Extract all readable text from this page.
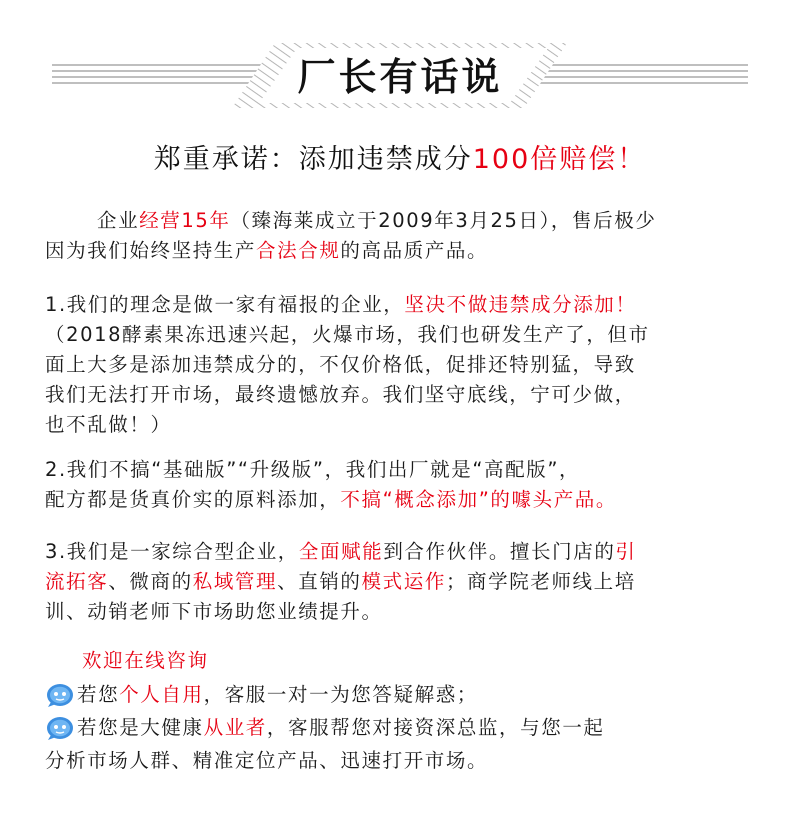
厂长有话说
郑重承诺：添加违禁成分100倍赔偿！
企业经营15年（臻海莱成立于2009年3月25日），售后极少
因为我们始终坚持生产合法合规的高品质产品。
1.我们的理念是做一家有福报的企业，坚决不做违禁成分添加！
（2018酵素果冻迅速兴起，火爆市场，我们也研发生产了，但市
面上大多是添加违禁成分的，不仅价格低，促排还特别猛，导致
我们无法打开市场，最终遗憾放弃。我们坚守底线，宁可少做，
也不乱做！）
2.我们不搞“基础版”“升级版”，我们出厂就是“高配版”，
配方都是货真价实的原料添加，不搞“概念添加”的噱头产品。
3.我们是一家综合型企业，全面赋能到合作伙伴。擅长门店的引
流拓客、微商的私域管理、直销的模式运作；商学院老师线上培
训、动销老师下市场助您业绩提升。
欢迎在线咨询
若您个人自用，客服一对一为您答疑解惑；
若您是大健康从业者，客服帮您对接资深总监，与您一起
分析市场人群、精准定位产品、迅速打开市场。
